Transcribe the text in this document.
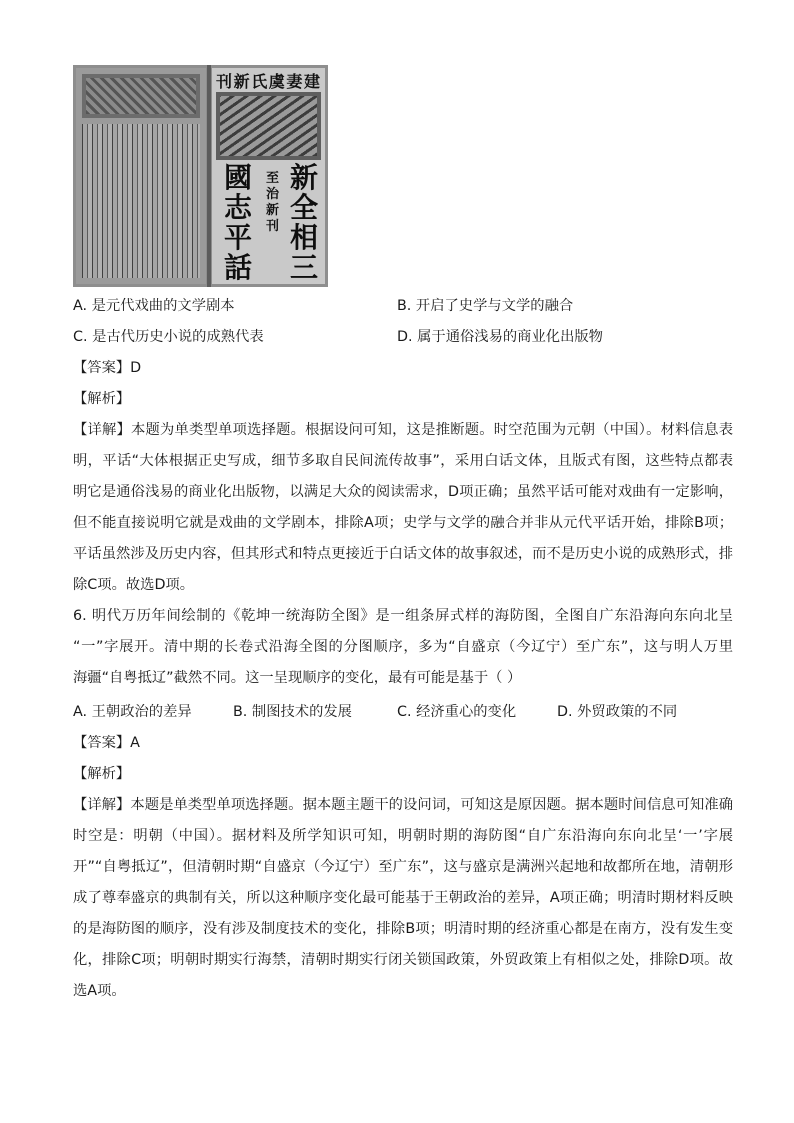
刊 新 氏 虞 妻 建
新
全
相
三
至
治
新
刊
國
志
平
話
A. 是元代戏曲的文学剧本	B. 开启了史学与文学的融合
C. 是古代历史小说的成熟代表	D. 属于通俗浅易的商业化出版物
【答案】D
【解析】

【详解】本题为单类型单项选择题。根据设问可知，这是推断题。时空范围为元朝（中国）。材料信息表

明，平话“大体根据正史写成，细节多取自民间流传故事”，采用白话文体，且版式有图，这些特点都表

明它是通俗浅易的商业化出版物，以满足大众的阅读需求，D项正确；虽然平话可能对戏曲有一定影响，

但不能直接说明它就是戏曲的文学剧本，排除A项；史学与文学的融合并非从元代平话开始，排除B项；

平话虽然涉及历史内容，但其形式和特点更接近于白话文体的故事叙述，而不是历史小说的成熟形式，排

除C项。故选D项。

6. 明代万历年间绘制的《乾坤一统海防全图》是一组条屏式样的海防图，全图自广东沿海向东向北呈

“一”字展开。清中期的长卷式沿海全图的分图顺序，多为“自盛京（今辽宁）至广东”，这与明人万里

海疆“自粤抵辽”截然不同。这一呈现顺序的变化，最有可能是基于（ ）

A. 王朝政治的差异	B. 制图技术的发展	C. 经济重心的变化	D. 外贸政策的不同
【答案】A
【解析】

【详解】本题是单类型单项选择题。据本题主题干的设问词，可知这是原因题。据本题时间信息可知准确

时空是：明朝（中国）。据材料及所学知识可知，明朝时期的海防图“自广东沿海向东向北呈‘一’字展

开”“自粤抵辽”，但清朝时期“自盛京（今辽宁）至广东”，这与盛京是满洲兴起地和故都所在地，清朝形

成了尊奉盛京的典制有关，所以这种顺序变化最可能基于王朝政治的差异，A项正确；明清时期材料反映

的是海防图的顺序，没有涉及制度技术的变化，排除B项；明清时期的经济重心都是在南方，没有发生变

化，排除C项；明朝时期实行海禁，清朝时期实行闭关锁国政策，外贸政策上有相似之处，排除D项。故

选A项。
